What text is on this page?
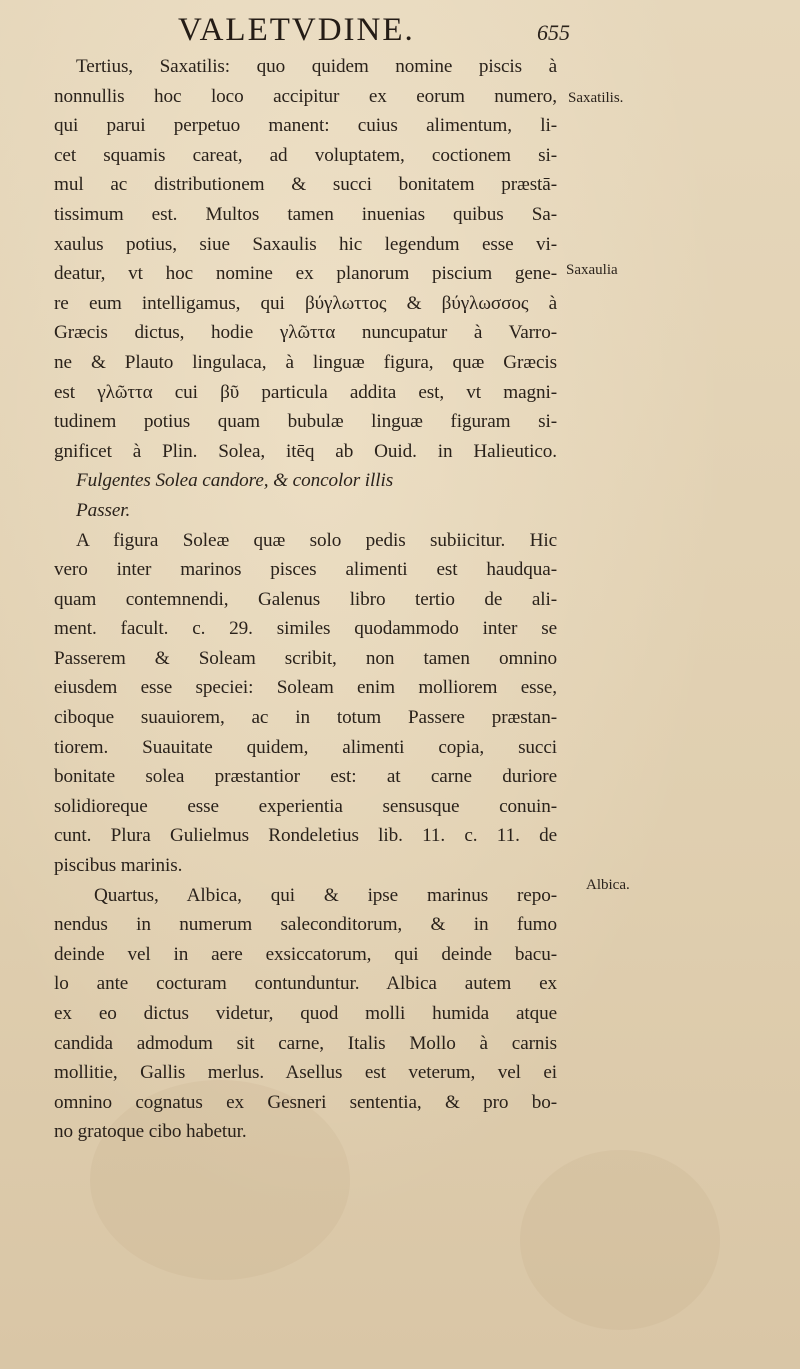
VALETVDINE.	655
Tertius, Saxatilis: quo quidem nomine piscis à
nonnullis hoc loco accipitur ex eorum numero,
qui parui perpetuo manent: cuius alimentum, li-
cet squamis careat, ad voluptatem, coctionem si-
mul ac distributionem & succi bonitatem præstā-
tissimum est. Multos tamen inuenias quibus Sa-
xaulus potius, siue Saxaulis hic legendum esse vi-
deatur, vt hoc nomine ex planorum piscium gene-
re eum intelligamus, qui βύγλωττος & βύγλωσσος à
Græcis dictus, hodie γλῶττα nuncupatur à Varro-
ne & Plauto lingulaca, à linguæ figura, quæ Græcis
est γλῶττα cui βῦ particula addita est, vt magni-
tudinem potius quam bubulæ linguæ figuram si-
gnificet à Plin. Solea, itēq ab Ouid. in Halieutico.
Fulgentes Solea candore, & concolor illis
Passer.
A figura Soleæ quæ solo pedis subiicitur. Hic
vero inter marinos pisces alimenti est haudqua-
quam contemnendi, Galenus libro tertio de ali-
ment. facult. c. 29. similes quodammodo inter se
Passerem & Soleam scribit, non tamen omnino
eiusdem esse speciei: Soleam enim molliorem esse,
ciboque suauiorem, ac in totum Passere præstan-
tiorem. Suauitate quidem, alimenti copia, succi
bonitate solea præstantior est: at carne duriore
solidioreque esse experientia sensusque conuin-
cunt. Plura Gulielmus Rondeletius lib. 11. c. 11. de
piscibus marinis.
Quartus, Albica, qui & ipse marinus repo-
nendus in numerum saleconditorum, & in fumo
deinde vel in aere exsiccatorum, qui deinde bacu-
lo ante cocturam contunduntur. Albica autem ex
ex eo dictus videtur, quod molli humida atque
candida admodum sit carne, Italis Mollo à carnis
mollitie, Gallis merlus. Asellus est veterum, vel ei
omnino cognatus ex Gesneri sententia, & pro bo-
no gratoque cibo habetur.
Saxatilis.
Saxaulia
Albica.
